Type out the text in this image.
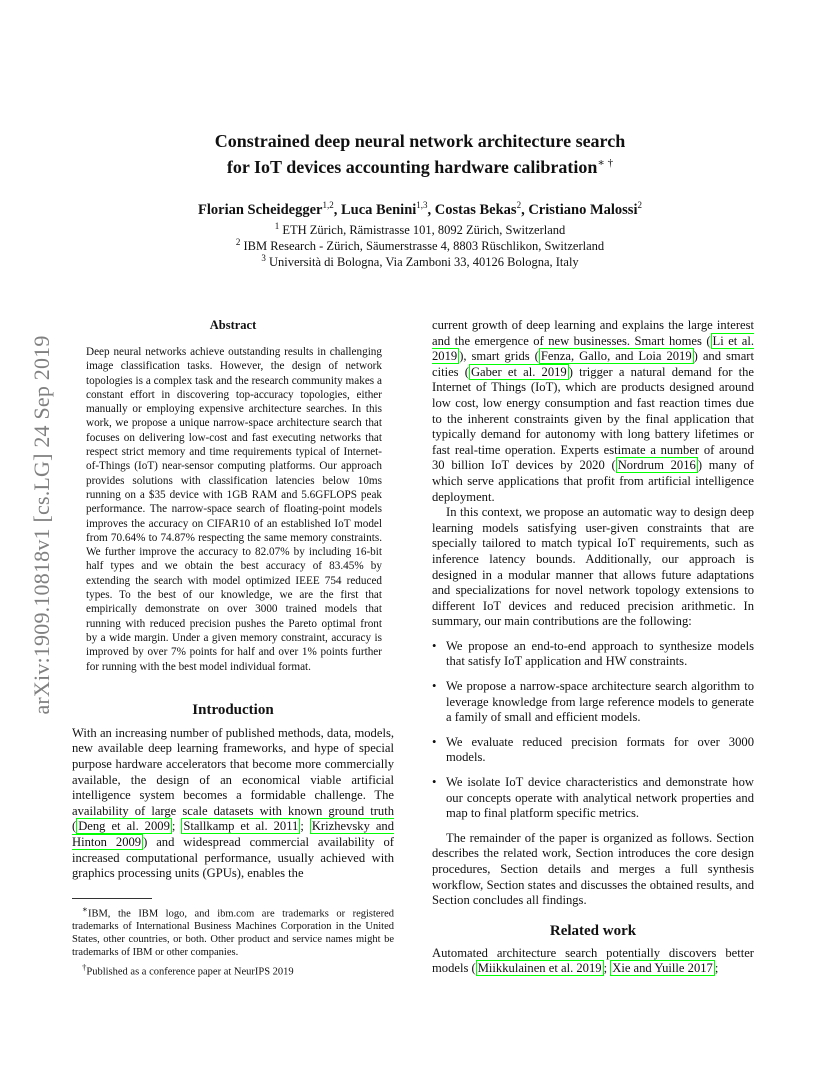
arXiv:1909.10818v1 [cs.LG] 24 Sep 2019
Constrained deep neural network architecture search
for IoT devices accounting hardware calibration∗ †
Florian Scheidegger$^{1,2}$, Luca Benini$^{1,3}$, Costas Bekas$^2$, Cristiano Malossi$^2$
$^1$ ETH Zürich, Rämistrasse 101, 8092 Zürich, Switzerland
$^2$ IBM Research - Zürich, Säumerstrasse 4, 8803 Rüschlikon, Switzerland
$^3$ Università di Bologna, Via Zamboni 33, 40126 Bologna, Italy
Abstract

Deep neural networks achieve outstanding results in challenging image classification tasks. However, the design of network topologies is a complex task and the research community makes a constant effort in discovering top-accuracy topologies, either manually or employing expensive architecture searches. In this work, we propose a unique narrow-space architecture search that focuses on delivering low-cost and fast executing networks that respect strict memory and time requirements typical of Internet-of-Things (IoT) near-sensor computing platforms. Our approach provides solutions with classification latencies below 10ms running on a $35 device with 1GB RAM and 5.6GFLOPS peak performance. The narrow-space search of floating-point models improves the accuracy on CIFAR10 of an established IoT model from 70.64% to 74.87% respecting the same memory constraints. We further improve the accuracy to 82.07% by including 16-bit half types and we obtain the best accuracy of 83.45% by extending the search with model optimized IEEE 754 reduced types. To the best of our knowledge, we are the first that empirically demonstrate on over 3000 trained models that running with reduced precision pushes the Pareto optimal front by a wide margin. Under a given memory constraint, accuracy is improved by over 7% points for half and over 1% points further for running with the best model individual format.

Introduction

With an increasing number of published methods, data, models, new available deep learning frameworks, and hype of special purpose hardware accelerators that become more commercially available, the design of an economical viable artificial intelligence system becomes a formidable challenge. The availability of large scale datasets with known ground truth ( Deng et al. 2009 ; Stallkamp et al. 2011 ; Krizhevsky and Hinton 2009 ) and widespread commercial availability of increased computational performance, usually achieved with graphics processing units (GPUs), enables the

∗IBM, the IBM logo, and ibm.com are trademarks or registered trademarks of International Business Machines Corporation in the United States, other countries, or both. Other product and service names might be trademarks of IBM or other companies.

†Published as a conference paper at NeurIPS 2019

current growth of deep learning and explains the large interest and the emergence of new businesses. Smart homes ( Li et al. 2019 ), smart grids ( Fenza, Gallo, and Loia 2019 ) and smart cities ( Gaber et al. 2019 ) trigger a natural demand for the Internet of Things (IoT), which are products designed around low cost, low energy consumption and fast reaction times due to the inherent constraints given by the final application that typically demand for autonomy with long battery lifetimes or fast real-time operation. Experts estimate a number of around 30 billion IoT devices by 2020 ( Nordrum 2016 ) many of which serve applications that profit from artificial intelligence deployment.

In this context, we propose an automatic way to design deep learning models satisfying user-given constraints that are specially tailored to match typical IoT requirements, such as inference latency bounds. Additionally, our approach is designed in a modular manner that allows future adaptations and specializations for novel network topology extensions to different IoT devices and reduced precision arithmetic. In summary, our main contributions are the following:

• We propose an end-to-end approach to synthesize models that satisfy IoT application and HW constraints.
• We propose a narrow-space architecture search algorithm to leverage knowledge from large reference models to generate a family of small and efficient models.
• We evaluate reduced precision formats for over 3000 models.
• We isolate IoT device characteristics and demonstrate how our concepts operate with analytical network properties and map to final platform specific metrics.

The remainder of the paper is organized as follows. Section describes the related work, Section introduces the core design procedures, Section details and merges a full synthesis workflow, Section states and discusses the obtained results, and Section concludes all findings.

Related work

Automated architecture search potentially discovers better models ( Miikkulainen et al. 2019 ; Xie and Yuille 2017 ;
